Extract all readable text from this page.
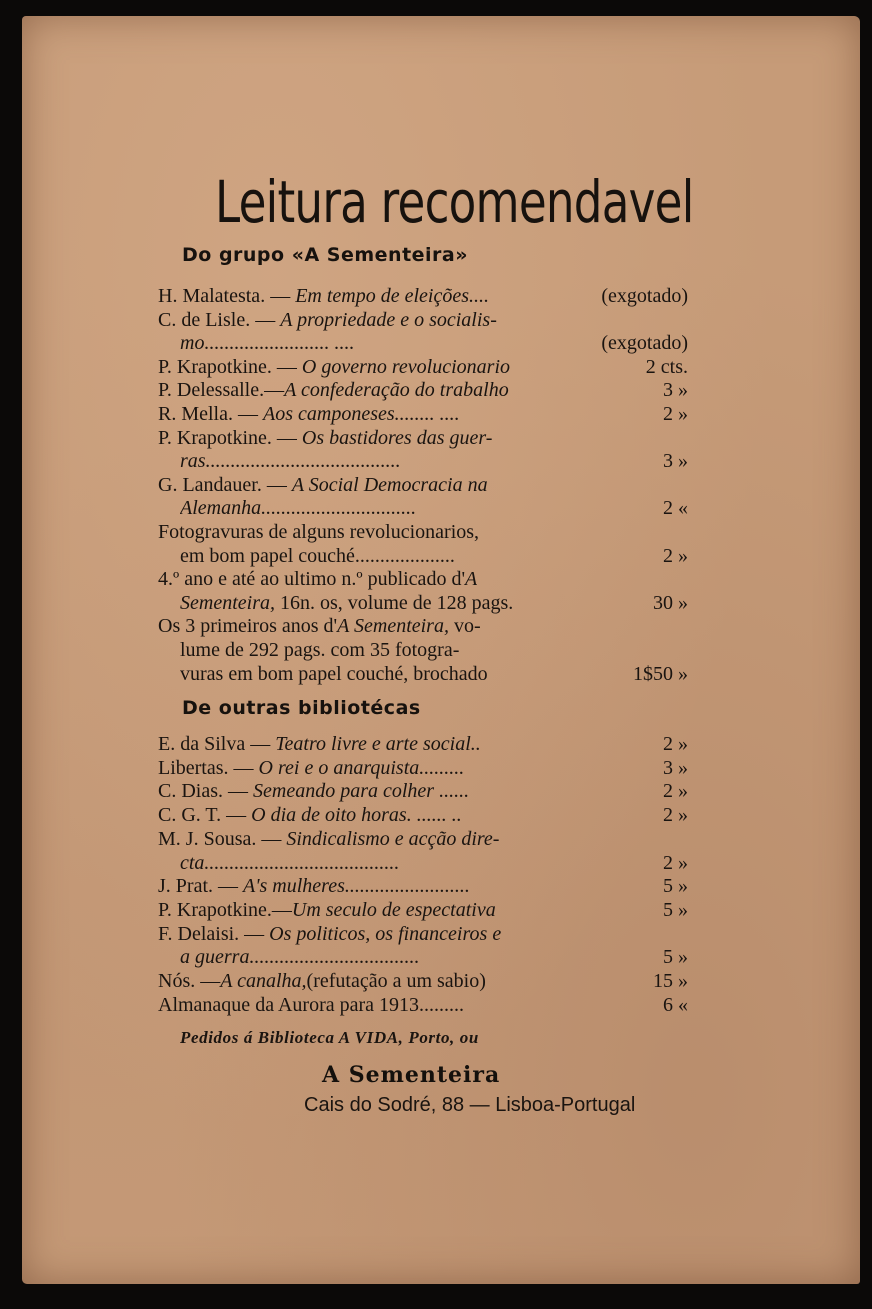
Leitura recomendavel
Do grupo «A Sementeira»
H. Malatesta. — Em tempo de eleições....	(exgotado)
C. de Lisle. — A propriedade e o socialis-
mo......................... ....	(exgotado)
P. Krapotkine. — O governo revolucionario	2 cts.
P. Delessalle.—A confederação do trabalho	3 »
R. Mella. — Aos camponeses........ ....	2 »
P. Krapotkine. — Os bastidores das guer-
ras.......................................	3 »
G. Landauer. — A Social Democracia na
Alemanha...............................	2 «
Fotogravuras de alguns revolucionarios,
em bom papel couché....................	2 »
4.º ano e até ao ultimo n.º publicado d'A
Sementeira, 16n. os, volume de 128 pags.	30 »
Os 3 primeiros anos d'A Sementeira, vo-
lume de 292 pags. com 35 fotogra-
vuras em bom papel couché, brochado	1$50 »
De outras bibliotécas
E. da Silva — Teatro livre e arte social..	2 »
Libertas. — O rei e o anarquista.........	3 »
C. Dias. — Semeando para colher ......	2 »
C. G. T. — O dia de oito horas. ...... ..	2 »
M. J. Sousa. — Sindicalismo e acção dire-
cta.......................................	2 »
J. Prat. — A's mulheres.........................	5 »
P. Krapotkine.—Um seculo de espectativa	5 »
F. Delaisi. — Os politicos, os financeiros e
a guerra..................................	5 »
Nós. —A canalha,(refutação a um sabio)	15 »
Almanaque da Aurora para 1913.........	6 «
Pedidos á Biblioteca A VIDA, Porto, ou
A Sementeira
Cais do Sodré, 88 — Lisboa-Portugal
